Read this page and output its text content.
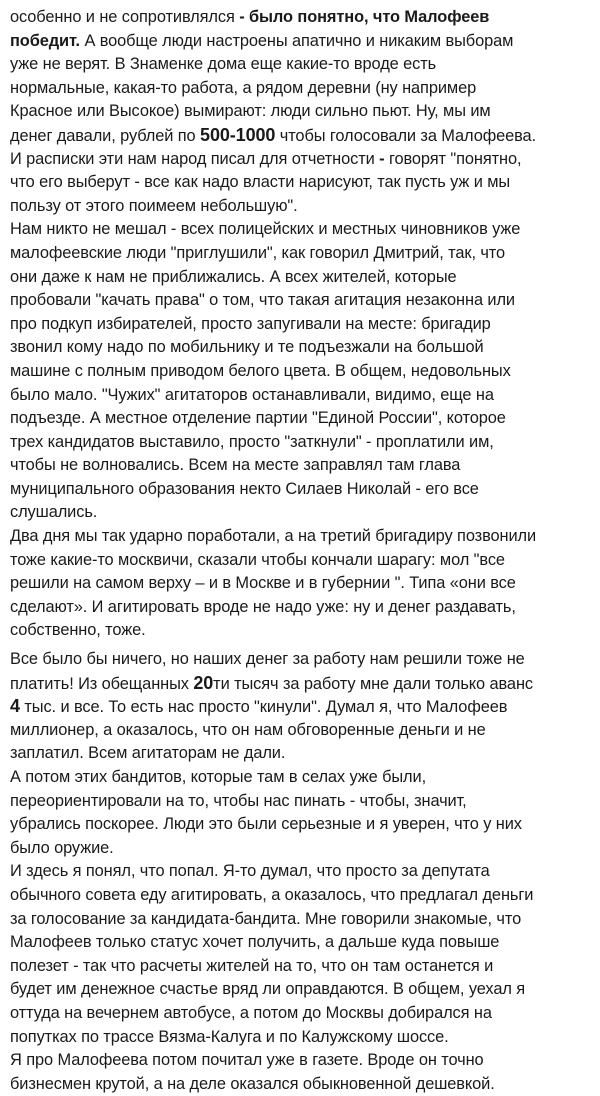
особенно и не сопротивлялся - было понятно, что Малофеев
победит. А вообще люди настроены апатично и никаким выборам
уже не верят. В Знаменке дома еще какие-то вроде есть
нормальные, какая-то работа, а рядом деревни (ну например
Красное или Высокое) вымирают: люди сильно пьют. Ну, мы им
денег давали, рублей по 500-1000 чтобы голосовали за Малофеева.
И расписки эти нам народ писал для отчетности - говорят "понятно,
что его выберут - все как надо власти нарисуют, так пусть уж и мы
пользу от этого поимеем небольшую".
Нам никто не мешал - всех полицейских и местных чиновников уже
малофеевские люди "приглушили", как говорил Дмитрий, так, что
они даже к нам не приближались. А всех жителей, которые
пробовали "качать права" о том, что такая агитация незаконна или
про подкуп избирателей, просто запугивали на месте: бригадир
звонил кому надо по мобильнику и те подъезжали на большой
машине с полным приводом белого цвета. В общем, недовольных
было мало. "Чужих" агитаторов останавливали, видимо, еще на
подъезде. А местное отделение партии "Единой России", которое
трех кандидатов выставило, просто "заткнули" - проплатили им,
чтобы не волновались. Всем на месте заправлял там глава
муниципального образования некто Силаев Николай - его все
слушались.
Два дня мы так ударно поработали, а на третий бригадиру позвонили
тоже какие-то москвичи, сказали чтобы кончали шарагу: мол "все
решили на самом верху – и в Москве и в губернии ". Типа «они все
сделают». И агитировать вроде не надо уже: ну и денег раздавать,
собственно, тоже.
Все было бы ничего, но наших денег за работу нам решили тоже не
платить! Из обещанных 20ти тысяч за работу мне дали только аванс
4 тыс. и все. То есть нас просто "кинули". Думал я, что Малофеев
миллионер, а оказалось, что он нам обговоренные деньги и не
заплатил. Всем агитаторам не дали.
А потом этих бандитов, которые там в селах уже были,
переориентировали на то, чтобы нас пинать - чтобы, значит,
убрались поскорее. Люди это были серьезные и я уверен, что у них
было оружие.
И здесь я понял, что попал. Я-то думал, что просто за депутата
обычного совета еду агитировать, а оказалось, что предлагал деньги
за голосование за кандидата-бандита. Мне говорили знакомые, что
Малофеев только статус хочет получить, а дальше куда повыше
полезет - так что расчеты жителей на то, что он там останется и
будет им денежное счастье вряд ли оправдаются. В общем, уехал я
оттуда на вечернем автобусе, а потом до Москвы добирался на
попутках по трассе Вязма-Калуга и по Калужскому шоссе.
Я про Малофеева потом почитал уже в газете. Вроде он точно
бизнесмен крутой, а на деле оказался обыкновенной дешевкой.
